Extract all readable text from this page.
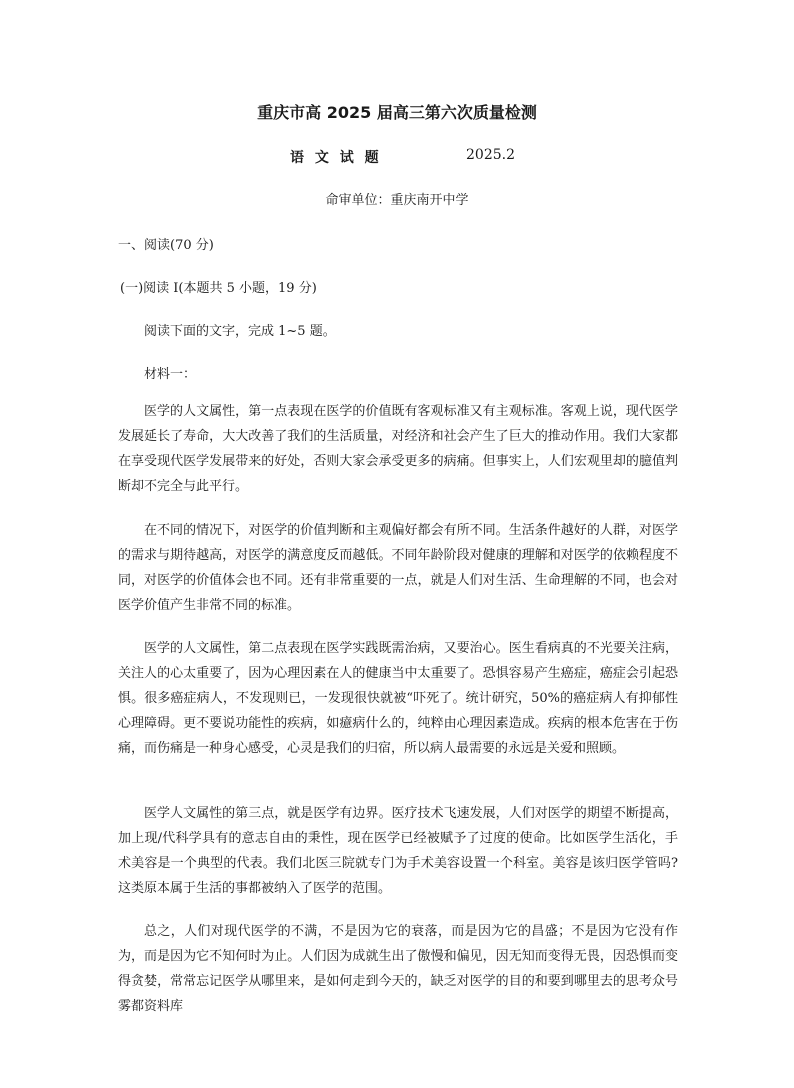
重庆市高 2025 届高三第六次质量检测
语 文 试 题	2025.2
命审单位：重庆南开中学
一、阅读(70 分)
(一)阅读 I(本题共 5 小题，19 分)
阅读下面的文字，完成 1~5 题。
材料一：

医学的人文属性，第一点表现在医学的价值既有客观标准又有主观标准。客观上说，现代医学发展延长了寿命，大大改善了我们的生活质量，对经济和社会产生了巨大的推动作用。我们大家都在享受现代医学发展带来的好处，否则大家会承受更多的病痛。但事实上，人们宏观里却的臆值判断却不完全与此平行。

在不同的情况下，对医学的价值判断和主观偏好都会有所不同。生活条件越好的人群，对医学的需求与期待越高，对医学的满意度反而越低。不同年龄阶段对健康的理解和对医学的依赖程度不同，对医学的价值体会也不同。还有非常重要的一点，就是人们对生活、生命理解的不同，也会对医学价值产生非常不同的标准。

医学的人文属性，第二点表现在医学实践既需治病，又要治心。医生看病真的不光要关注病，关注人的心太重要了，因为心理因素在人的健康当中太重要了。恐惧容易产生癌症，癌症会引起恐惧。很多癌症病人，不发现则已，一发现很快就被“吓死了。统计研究，50%的癌症病人有抑郁性心理障碍。更不要说功能性的疾病，如癔病什么的，纯粹由心理因素造成。疾病的根本危害在于伤痛，而伤痛是一种身心感受，心灵是我们的归宿，所以病人最需要的永远是关爱和照顾。

医学人文属性的第三点，就是医学有边界。医疗技术飞速发展，人们对医学的期望不断提高，加上现/代科学具有的意志自由的秉性，现在医学已经被赋予了过度的使命。比如医学生活化，手术美容是一个典型的代表。我们北医三院就专门为手术美容设置一个科室。美容是该归医学管吗?这类原本属于生活的事都被纳入了医学的范围。

总之，人们对现代医学的不满，不是因为它的衰落，而是因为它的昌盛；不是因为它没有作为，而是因为它不知何时为止。人们因为成就生出了傲慢和偏见，因无知而变得无畏，因恐惧而变得贪婪，常常忘记医学从哪里来，是如何走到今天的，缺乏对医学的目的和要到哪里去的思考众号雾都资料库
